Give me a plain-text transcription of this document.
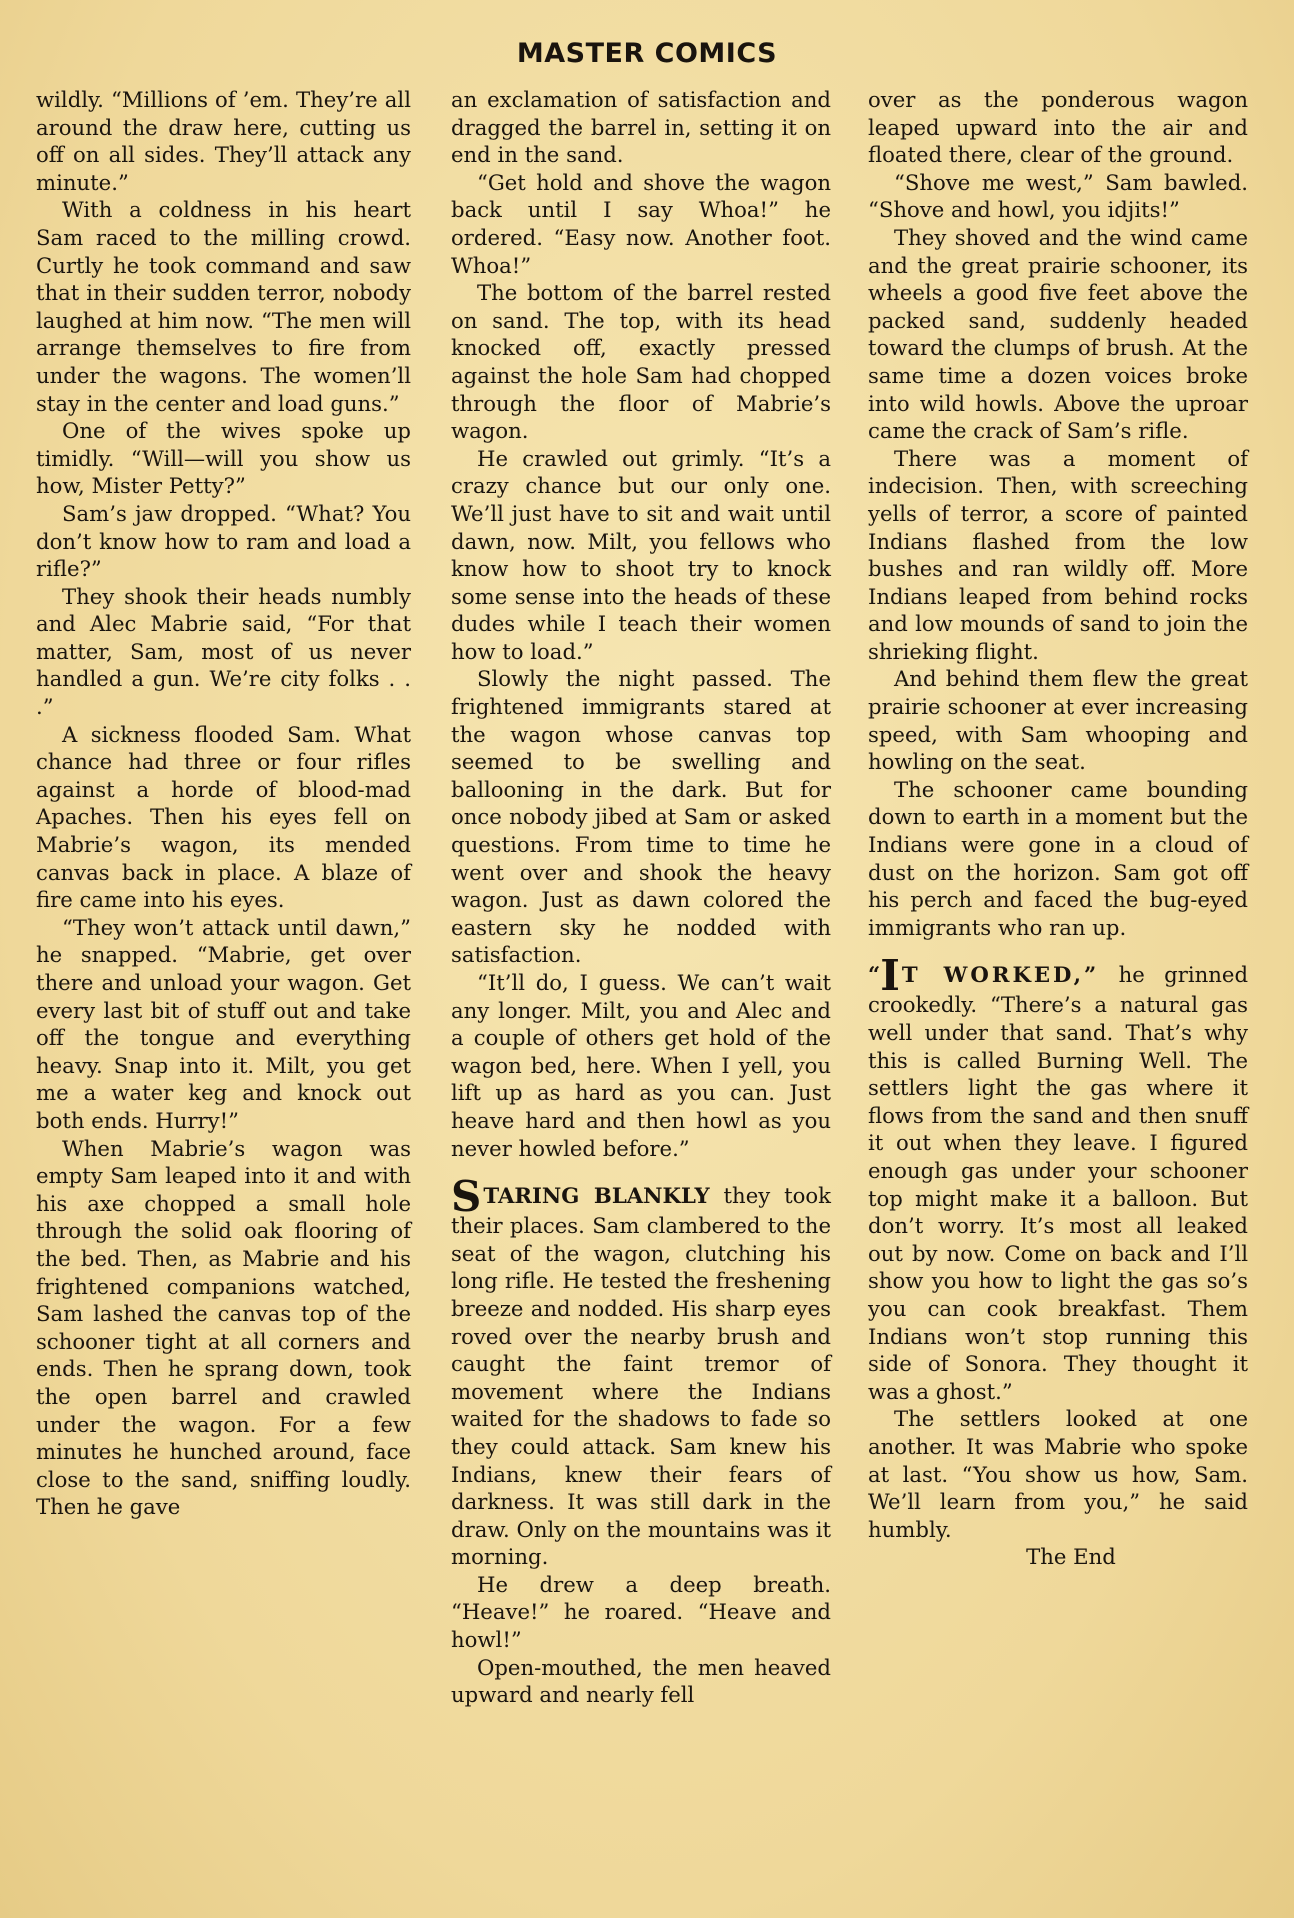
MASTER COMICS

wildly. “Millions of ’em. They’re all around the draw here, cutting us off on all sides. They’ll attack any minute.”

With a coldness in his heart Sam raced to the milling crowd. Curtly he took command and saw that in their sudden terror, nobody laughed at him now. “The men will arrange themselves to fire from under the wagons. The women’ll stay in the center and load guns.”

One of the wives spoke up timidly. “Will—will you show us how, Mister Petty?”

Sam’s jaw dropped. “What? You don’t know how to ram and load a rifle?”

They shook their heads numbly and Alec Mabrie said, “For that matter, Sam, most of us never handled a gun. We’re city folks . . .”

A sickness flooded Sam. What chance had three or four rifles against a horde of blood-mad Apaches. Then his eyes fell on Mabrie’s wagon, its mended canvas back in place. A blaze of fire came into his eyes.

“They won’t attack until dawn,” he snapped. “Mabrie, get over there and unload your wagon. Get every last bit of stuff out and take off the tongue and everything heavy. Snap into it. Milt, you get me a water keg and knock out both ends. Hurry!”

When Mabrie’s wagon was empty Sam leaped into it and with his axe chopped a small hole through the solid oak flooring of the bed. Then, as Mabrie and his frightened companions watched, Sam lashed the canvas top of the schooner tight at all corners and ends. Then he sprang down, took the open barrel and crawled under the wagon. For a few minutes he hunched around, face close to the sand, sniffing loudly. Then he gave

an exclamation of satisfaction and dragged the barrel in, setting it on end in the sand.

“Get hold and shove the wagon back until I say Whoa!” he ordered. “Easy now. Another foot. Whoa!”

The bottom of the barrel rested on sand. The top, with its head knocked off, exactly pressed against the hole Sam had chopped through the floor of Mabrie’s wagon.

He crawled out grimly. “It’s a crazy chance but our only one. We’ll just have to sit and wait until dawn, now. Milt, you fellows who know how to shoot try to knock some sense into the heads of these dudes while I teach their women how to load.”

Slowly the night passed. The frightened immigrants stared at the wagon whose canvas top seemed to be swelling and ballooning in the dark. But for once nobody jibed at Sam or asked questions. From time to time he went over and shook the heavy wagon. Just as dawn colored the eastern sky he nodded with satisfaction.

“It’ll do, I guess. We can’t wait any longer. Milt, you and Alec and a couple of others get hold of the wagon bed, here. When I yell, you lift up as hard as you can. Just heave hard and then howl as you never howled before.”

STARING BLANKLY they took their places. Sam clambered to the seat of the wagon, clutching his long rifle. He tested the freshening breeze and nodded. His sharp eyes roved over the nearby brush and caught the faint tremor of movement where the Indians waited for the shadows to fade so they could attack. Sam knew his Indians, knew their fears of darkness. It was still dark in the draw. Only on the mountains was it morning.

He drew a deep breath. “Heave!” he roared. “Heave and howl!”

Open-mouthed, the men heaved upward and nearly fell

over as the ponderous wagon leaped upward into the air and floated there, clear of the ground.

“Shove me west,” Sam bawled. “Shove and howl, you idjits!”

They shoved and the wind came and the great prairie schooner, its wheels a good five feet above the packed sand, suddenly headed toward the clumps of brush. At the same time a dozen voices broke into wild howls. Above the uproar came the crack of Sam’s rifle.

There was a moment of indecision. Then, with screeching yells of terror, a score of painted Indians flashed from the low bushes and ran wildly off. More Indians leaped from behind rocks and low mounds of sand to join the shrieking flight.

And behind them flew the great prairie schooner at ever increasing speed, with Sam whooping and howling on the seat.

The schooner came bounding down to earth in a moment but the Indians were gone in a cloud of dust on the horizon. Sam got off his perch and faced the bug-eyed immigrants who ran up.

“IT WORKED,” he grinned crookedly. “There’s a natural gas well under that sand. That’s why this is called Burning Well. The settlers light the gas where it flows from the sand and then snuff it out when they leave. I figured enough gas under your schooner top might make it a balloon. But don’t worry. It’s most all leaked out by now. Come on back and I’ll show you how to light the gas so’s you can cook breakfast. Them Indians won’t stop running this side of Sonora. They thought it was a ghost.”

The settlers looked at one another. It was Mabrie who spoke at last. “You show us how, Sam. We’ll learn from you,” he said humbly.

The End
